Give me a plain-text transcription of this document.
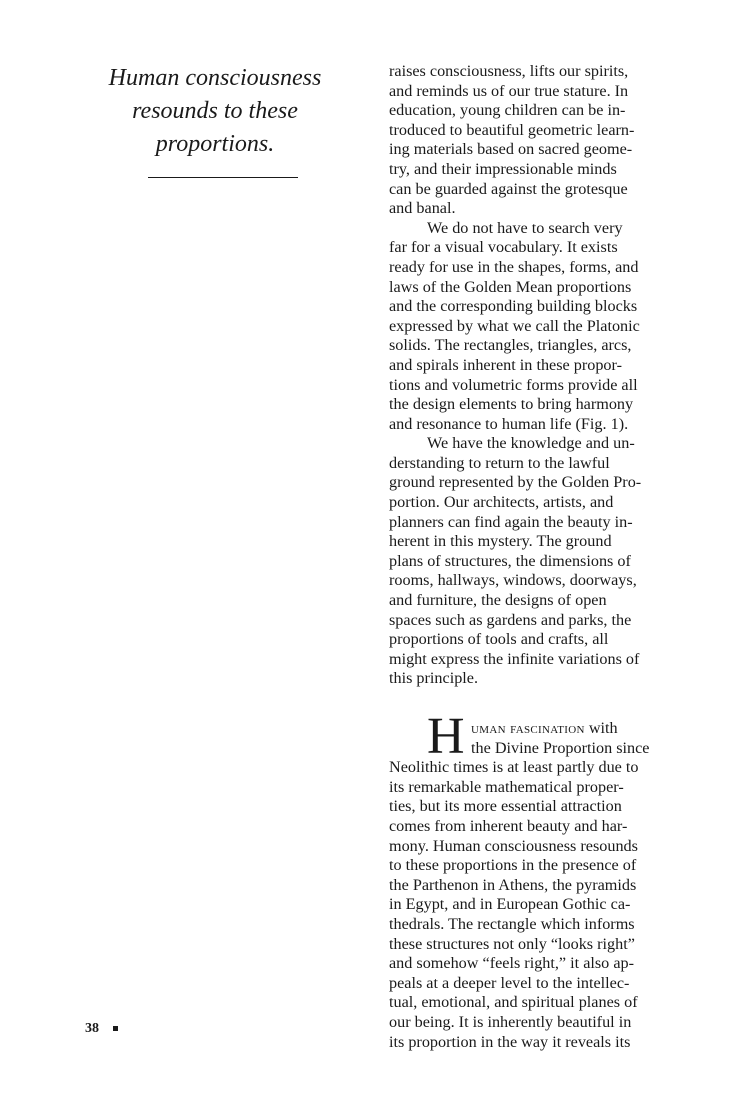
Human consciousness
resounds to these
proportions.
raises consciousness, lifts our spirits,
and reminds us of our true stature. In
education, young children can be in-
troduced to beautiful geometric learn-
ing materials based on sacred geome-
try, and their impressionable minds
can be guarded against the grotesque
and banal.
We do not have to search very
far for a visual vocabulary. It exists
ready for use in the shapes, forms, and
laws of the Golden Mean proportions
and the corresponding building blocks
expressed by what we call the Platonic
solids. The rectangles, triangles, arcs,
and spirals inherent in these propor-
tions and volumetric forms provide all
the design elements to bring harmony
and resonance to human life (Fig. 1).
We have the knowledge and un-
derstanding to return to the lawful
ground represented by the Golden Pro-
portion. Our architects, artists, and
planners can find again the beauty in-
herent in this mystery. The ground
plans of structures, the dimensions of
rooms, hallways, windows, doorways,
and furniture, the designs of open
spaces such as gardens and parks, the
proportions of tools and crafts, all
might express the infinite variations of
this principle.
H uman fascination with
the Divine Proportion since
Neolithic times is at least partly due to
its remarkable mathematical proper-
ties, but its more essential attraction
comes from inherent beauty and har-
mony. Human consciousness resounds
to these proportions in the presence of
the Parthenon in Athens, the pyramids
in Egypt, and in European Gothic ca-
thedrals. The rectangle which informs
these structures not only “looks right”
and somehow “feels right,” it also ap-
peals at a deeper level to the intellec-
tual, emotional, and spiritual planes of
our being. It is inherently beautiful in
its proportion in the way it reveals its
38
